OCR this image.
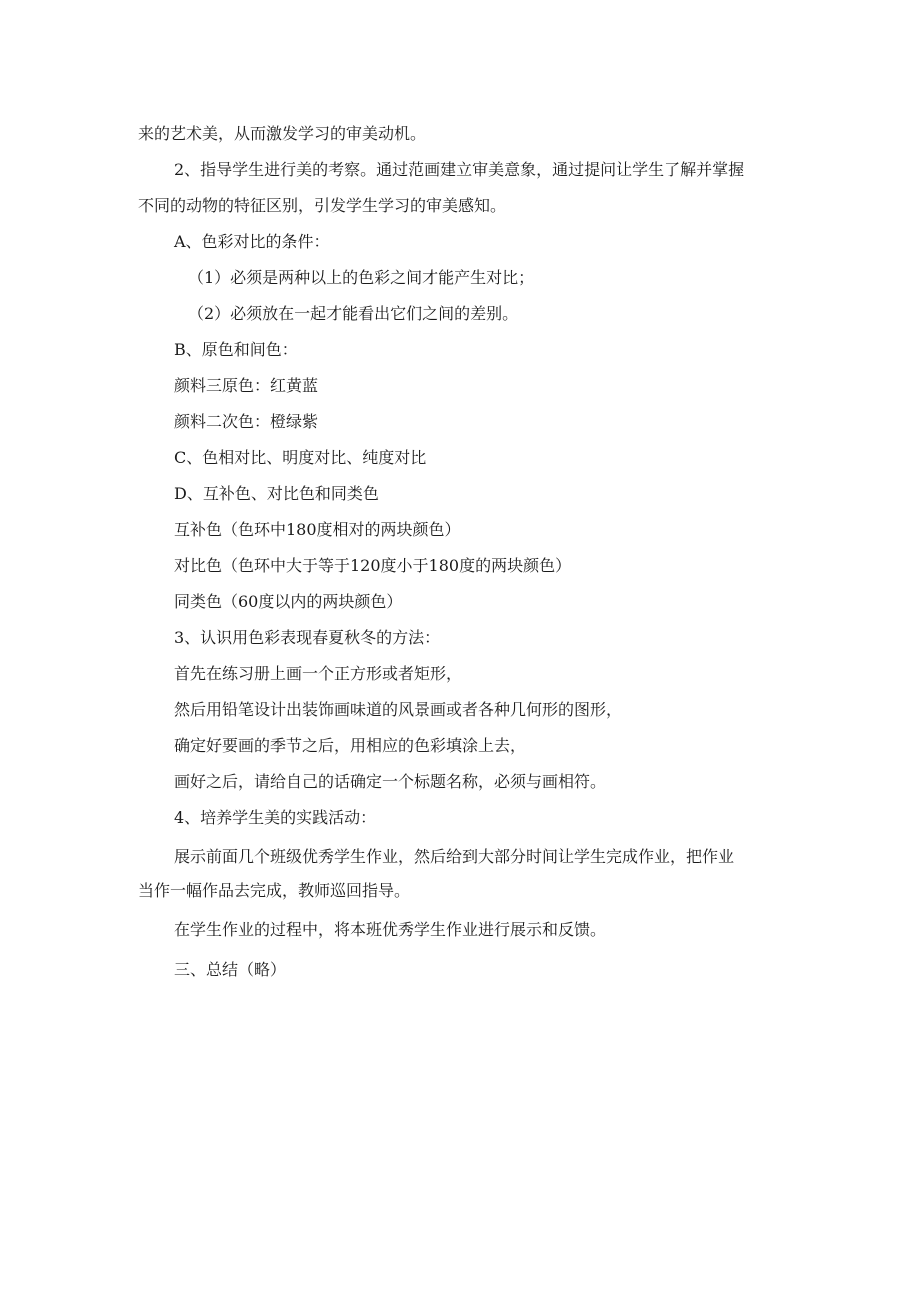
来的艺术美，从而激发学习的审美动机。

2、指导学生进行美的考察。通过范画建立审美意象，通过提问让学生了解并掌握

不同的动物的特征区别，引发学生学习的审美感知。

A、色彩对比的条件：

（1）必须是两种以上的色彩之间才能产生对比；

（2）必须放在一起才能看出它们之间的差别。

B、原色和间色：

颜料三原色：红黄蓝

颜料二次色：橙绿紫

C、色相对比、明度对比、纯度对比

D、互补色、对比色和同类色

互补色（色环中180度相对的两块颜色）

对比色（色环中大于等于120度小于180度的两块颜色）

同类色（60度以内的两块颜色）

3、认识用色彩表现春夏秋冬的方法：

首先在练习册上画一个正方形或者矩形，

然后用铅笔设计出装饰画味道的风景画或者各种几何形的图形，

确定好要画的季节之后，用相应的色彩填涂上去，

画好之后，请给自己的话确定一个标题名称，必须与画相符。

4、培养学生美的实践活动：

展示前面几个班级优秀学生作业，然后给到大部分时间让学生完成作业，把作业

当作一幅作品去完成，教师巡回指导。

在学生作业的过程中，将本班优秀学生作业进行展示和反馈。

三、总结（略）
